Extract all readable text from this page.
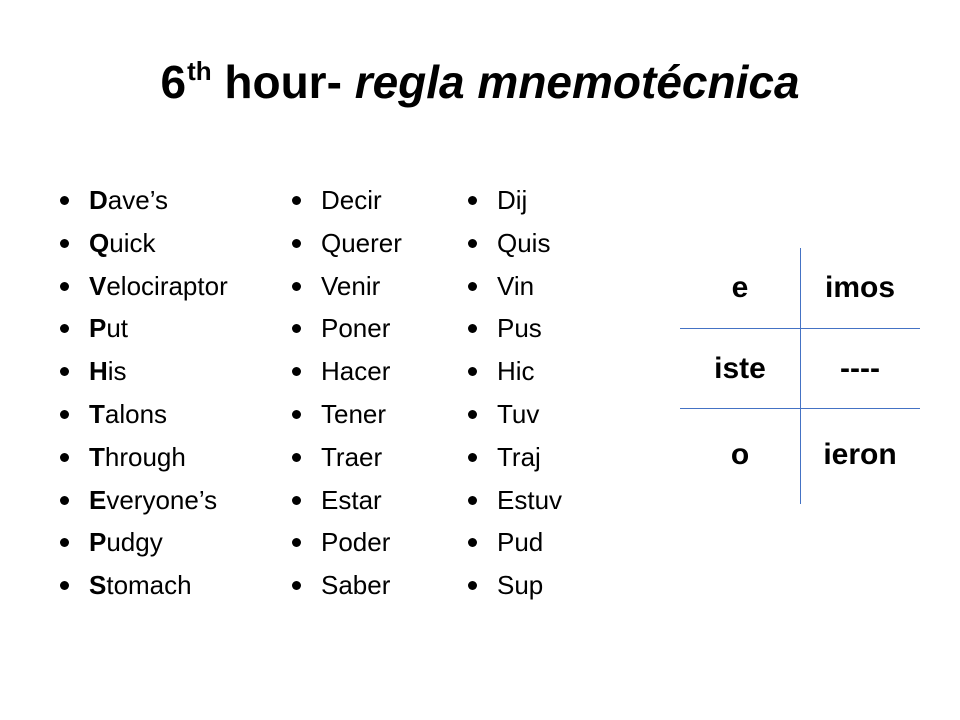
6th hour- regla mnemotécnica
Dave’s
Quick
Velociraptor
Put
His
Talons
Through
Everyone’s
Pudgy
Stomach
Decir
Querer
Venir
Poner
Hacer
Tener
Traer
Estar
Poder
Saber
Dij
Quis
Vin
Pus
Hic
Tuv
Traj
Estuv
Pud
Sup
e	imos
iste	----
o	ieron
